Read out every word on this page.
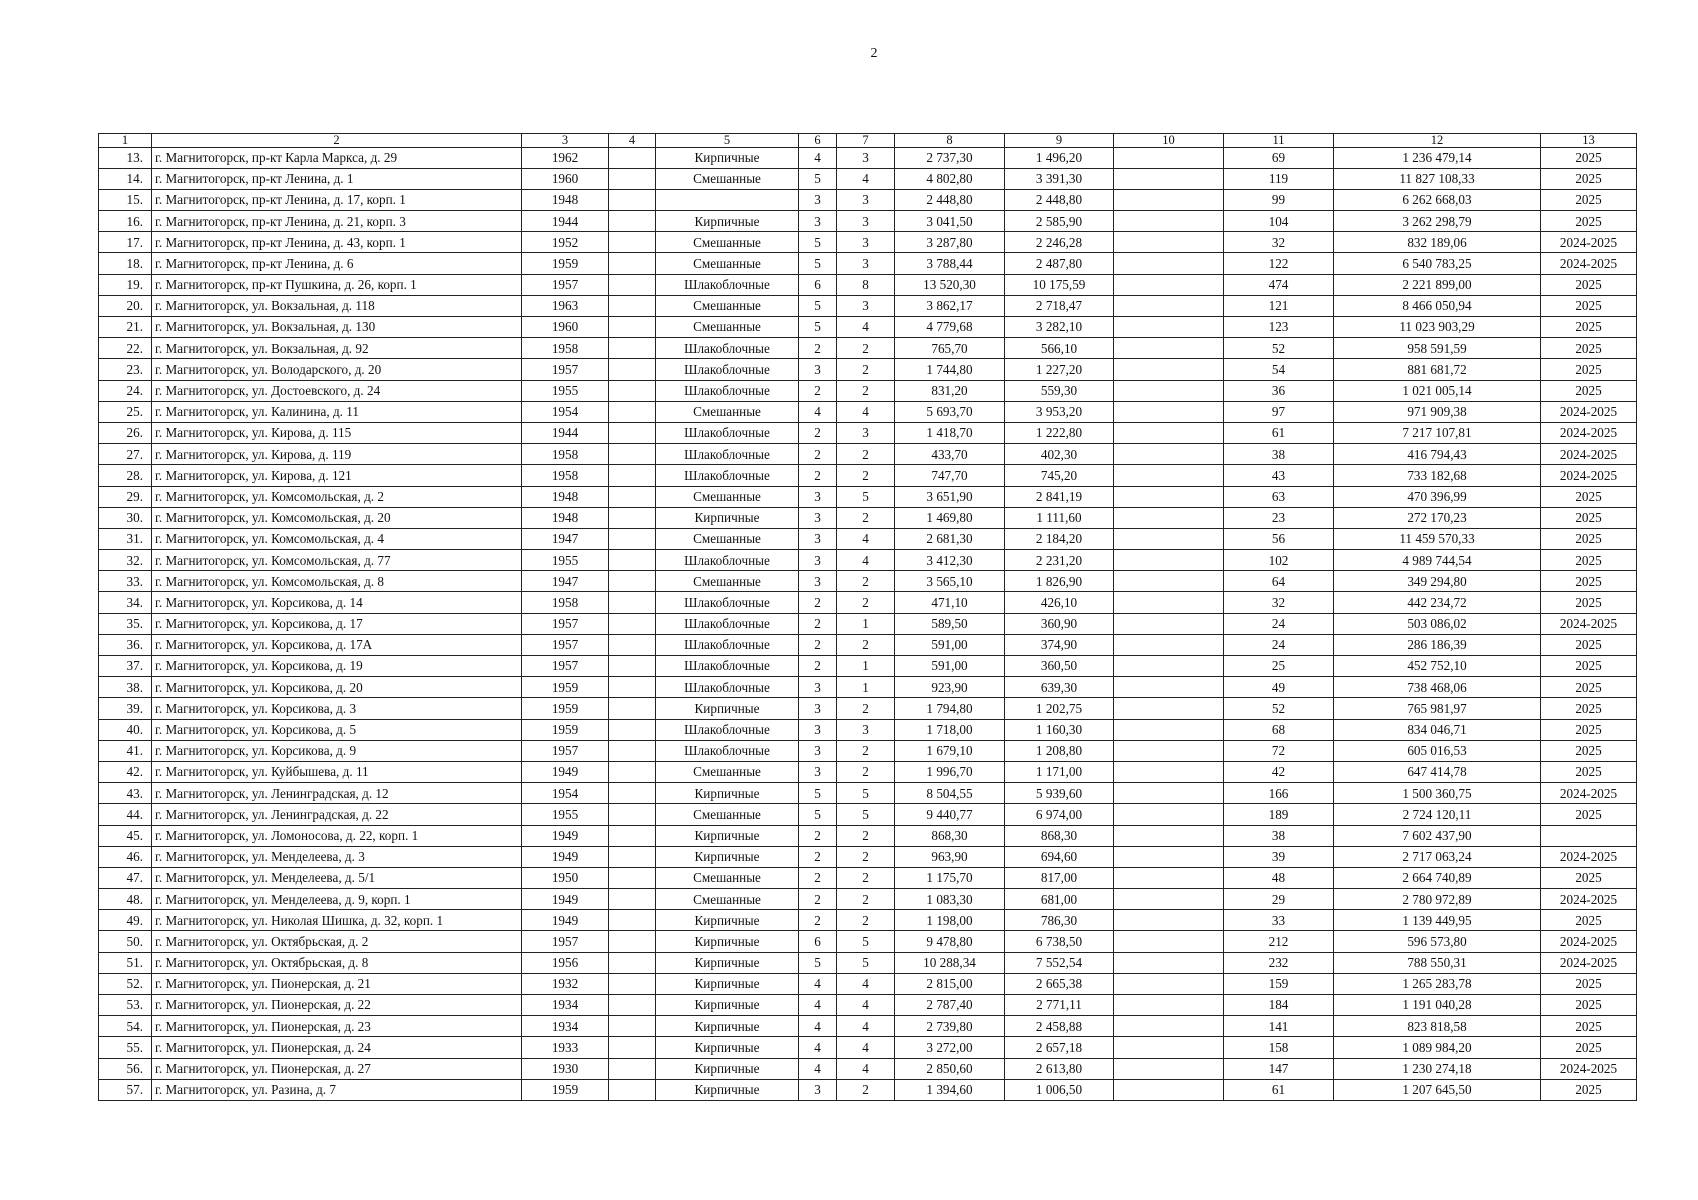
2
1	2	3	4	5	6	7	8	9	10	11	12	13
13.	г. Магнитогорск, пр-кт Карла Маркса, д. 29	1962		Кирпичные	4	3	2 737,30	1 496,20		69	1 236 479,14	2025
14.	г. Магнитогорск, пр-кт Ленина, д. 1	1960		Смешанные	5	4	4 802,80	3 391,30		119	11 827 108,33	2025
15.	г. Магнитогорск, пр-кт Ленина, д. 17, корп. 1	1948			3	3	2 448,80	2 448,80		99	6 262 668,03	2025
16.	г. Магнитогорск, пр-кт Ленина, д. 21, корп. 3	1944		Кирпичные	3	3	3 041,50	2 585,90		104	3 262 298,79	2025
17.	г. Магнитогорск, пр-кт Ленина, д. 43, корп. 1	1952		Смешанные	5	3	3 287,80	2 246,28		32	832 189,06	2024-2025
18.	г. Магнитогорск, пр-кт Ленина, д. 6	1959		Смешанные	5	3	3 788,44	2 487,80		122	6 540 783,25	2024-2025
19.	г. Магнитогорск, пр-кт Пушкина, д. 26, корп. 1	1957		Шлакоблочные	6	8	13 520,30	10 175,59		474	2 221 899,00	2025
20.	г. Магнитогорск, ул. Вокзальная, д. 118	1963		Смешанные	5	3	3 862,17	2 718,47		121	8 466 050,94	2025
21.	г. Магнитогорск, ул. Вокзальная, д. 130	1960		Смешанные	5	4	4 779,68	3 282,10		123	11 023 903,29	2025
22.	г. Магнитогорск, ул. Вокзальная, д. 92	1958		Шлакоблочные	2	2	765,70	566,10		52	958 591,59	2025
23.	г. Магнитогорск, ул. Володарского, д. 20	1957		Шлакоблочные	3	2	1 744,80	1 227,20		54	881 681,72	2025
24.	г. Магнитогорск, ул. Достоевского, д. 24	1955		Шлакоблочные	2	2	831,20	559,30		36	1 021 005,14	2025
25.	г. Магнитогорск, ул. Калинина, д. 11	1954		Смешанные	4	4	5 693,70	3 953,20		97	971 909,38	2024-2025
26.	г. Магнитогорск, ул. Кирова, д. 115	1944		Шлакоблочные	2	3	1 418,70	1 222,80		61	7 217 107,81	2024-2025
27.	г. Магнитогорск, ул. Кирова, д. 119	1958		Шлакоблочные	2	2	433,70	402,30		38	416 794,43	2024-2025
28.	г. Магнитогорск, ул. Кирова, д. 121	1958		Шлакоблочные	2	2	747,70	745,20		43	733 182,68	2024-2025
29.	г. Магнитогорск, ул. Комсомольская, д. 2	1948		Смешанные	3	5	3 651,90	2 841,19		63	470 396,99	2025
30.	г. Магнитогорск, ул. Комсомольская, д. 20	1948		Кирпичные	3	2	1 469,80	1 111,60		23	272 170,23	2025
31.	г. Магнитогорск, ул. Комсомольская, д. 4	1947		Смешанные	3	4	2 681,30	2 184,20		56	11 459 570,33	2025
32.	г. Магнитогорск, ул. Комсомольская, д. 77	1955		Шлакоблочные	3	4	3 412,30	2 231,20		102	4 989 744,54	2025
33.	г. Магнитогорск, ул. Комсомольская, д. 8	1947		Смешанные	3	2	3 565,10	1 826,90		64	349 294,80	2025
34.	г. Магнитогорск, ул. Корсикова, д. 14	1958		Шлакоблочные	2	2	471,10	426,10		32	442 234,72	2025
35.	г. Магнитогорск, ул. Корсикова, д. 17	1957		Шлакоблочные	2	1	589,50	360,90		24	503 086,02	2024-2025
36.	г. Магнитогорск, ул. Корсикова, д. 17А	1957		Шлакоблочные	2	2	591,00	374,90		24	286 186,39	2025
37.	г. Магнитогорск, ул. Корсикова, д. 19	1957		Шлакоблочные	2	1	591,00	360,50		25	452 752,10	2025
38.	г. Магнитогорск, ул. Корсикова, д. 20	1959		Шлакоблочные	3	1	923,90	639,30		49	738 468,06	2025
39.	г. Магнитогорск, ул. Корсикова, д. 3	1959		Кирпичные	3	2	1 794,80	1 202,75		52	765 981,97	2025
40.	г. Магнитогорск, ул. Корсикова, д. 5	1959		Шлакоблочные	3	3	1 718,00	1 160,30		68	834 046,71	2025
41.	г. Магнитогорск, ул. Корсикова, д. 9	1957		Шлакоблочные	3	2	1 679,10	1 208,80		72	605 016,53	2025
42.	г. Магнитогорск, ул. Куйбышева, д. 11	1949		Смешанные	3	2	1 996,70	1 171,00		42	647 414,78	2025
43.	г. Магнитогорск, ул. Ленинградская, д. 12	1954		Кирпичные	5	5	8 504,55	5 939,60		166	1 500 360,75	2024-2025
44.	г. Магнитогорск, ул. Ленинградская, д. 22	1955		Смешанные	5	5	9 440,77	6 974,00		189	2 724 120,11	2025
45.	г. Магнитогорск, ул. Ломоносова, д. 22, корп. 1	1949		Кирпичные	2	2	868,30	868,30		38	7 602 437,90	
46.	г. Магнитогорск, ул. Менделеева, д. 3	1949		Кирпичные	2	2	963,90	694,60		39	2 717 063,24	2024-2025
47.	г. Магнитогорск, ул. Менделеева, д. 5/1	1950		Смешанные	2	2	1 175,70	817,00		48	2 664 740,89	2025
48.	г. Магнитогорск, ул. Менделеева, д. 9, корп. 1	1949		Смешанные	2	2	1 083,30	681,00		29	2 780 972,89	2024-2025
49.	г. Магнитогорск, ул. Николая Шишка, д. 32, корп. 1	1949		Кирпичные	2	2	1 198,00	786,30		33	1 139 449,95	2025
50.	г. Магнитогорск, ул. Октябрьская, д. 2	1957		Кирпичные	6	5	9 478,80	6 738,50		212	596 573,80	2024-2025
51.	г. Магнитогорск, ул. Октябрьская, д. 8	1956		Кирпичные	5	5	10 288,34	7 552,54		232	788 550,31	2024-2025
52.	г. Магнитогорск, ул. Пионерская, д. 21	1932		Кирпичные	4	4	2 815,00	2 665,38		159	1 265 283,78	2025
53.	г. Магнитогорск, ул. Пионерская, д. 22	1934		Кирпичные	4	4	2 787,40	2 771,11		184	1 191 040,28	2025
54.	г. Магнитогорск, ул. Пионерская, д. 23	1934		Кирпичные	4	4	2 739,80	2 458,88		141	823 818,58	2025
55.	г. Магнитогорск, ул. Пионерская, д. 24	1933		Кирпичные	4	4	3 272,00	2 657,18		158	1 089 984,20	2025
56.	г. Магнитогорск, ул. Пионерская, д. 27	1930		Кирпичные	4	4	2 850,60	2 613,80		147	1 230 274,18	2024-2025
57.	г. Магнитогорск, ул. Разина, д. 7	1959		Кирпичные	3	2	1 394,60	1 006,50		61	1 207 645,50	2025
